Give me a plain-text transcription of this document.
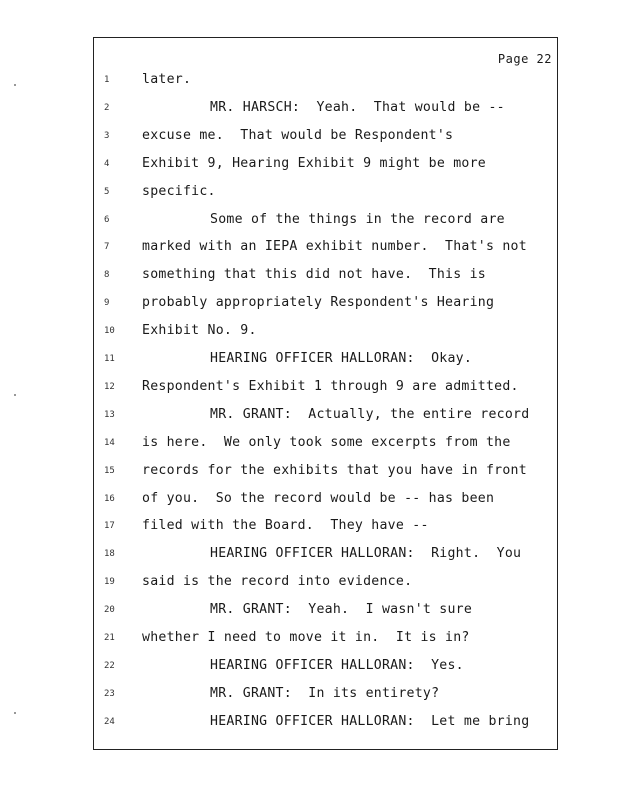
Page 22
1	later.
2	MR. HARSCH:  Yeah.  That would be --
3	excuse me.  That would be Respondent's
4	Exhibit 9, Hearing Exhibit 9 might be more
5	specific.
6	Some of the things in the record are
7	marked with an IEPA exhibit number.  That's not
8	something that this did not have.  This is
9	probably appropriately Respondent's Hearing
10	Exhibit No. 9.
11	HEARING OFFICER HALLORAN:  Okay.
12	Respondent's Exhibit 1 through 9 are admitted.
13	MR. GRANT:  Actually, the entire record
14	is here.  We only took some excerpts from the
15	records for the exhibits that you have in front
16	of you.  So the record would be -- has been
17	filed with the Board.  They have --
18	HEARING OFFICER HALLORAN:  Right.  You
19	said is the record into evidence.
20	MR. GRANT:  Yeah.  I wasn't sure
21	whether I need to move it in.  It is in?
22	HEARING OFFICER HALLORAN:  Yes.
23	MR. GRANT:  In its entirety?
24	HEARING OFFICER HALLORAN:  Let me bring
